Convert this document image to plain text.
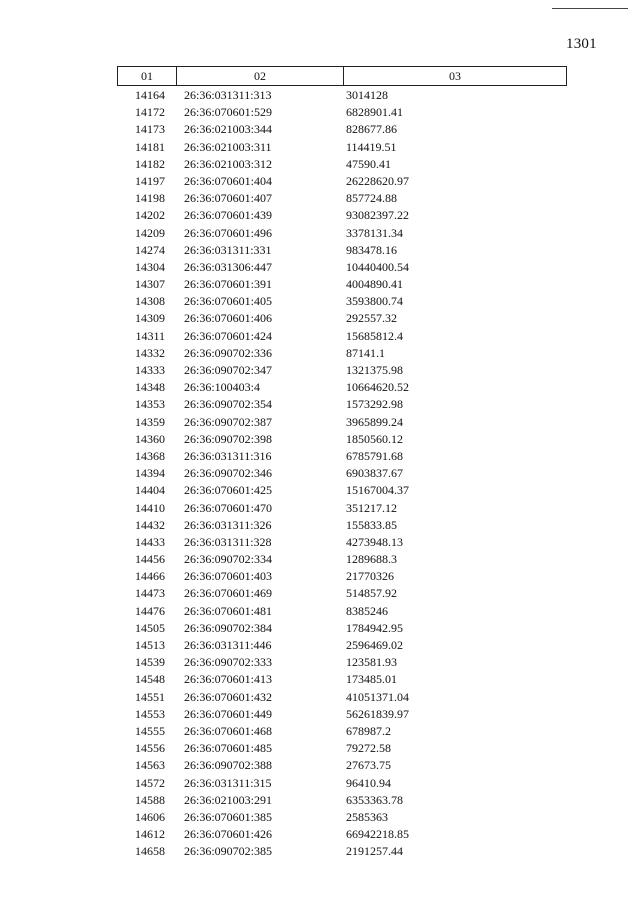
1301
01	02	03
14164	26:36:031311:313	3014128
14172	26:36:070601:529	6828901.41
14173	26:36:021003:344	828677.86
14181	26:36:021003:311	114419.51
14182	26:36:021003:312	47590.41
14197	26:36:070601:404	26228620.97
14198	26:36:070601:407	857724.88
14202	26:36:070601:439	93082397.22
14209	26:36:070601:496	3378131.34
14274	26:36:031311:331	983478.16
14304	26:36:031306:447	10440400.54
14307	26:36:070601:391	4004890.41
14308	26:36:070601:405	3593800.74
14309	26:36:070601:406	292557.32
14311	26:36:070601:424	15685812.4
14332	26:36:090702:336	87141.1
14333	26:36:090702:347	1321375.98
14348	26:36:100403:4	10664620.52
14353	26:36:090702:354	1573292.98
14359	26:36:090702:387	3965899.24
14360	26:36:090702:398	1850560.12
14368	26:36:031311:316	6785791.68
14394	26:36:090702:346	6903837.67
14404	26:36:070601:425	15167004.37
14410	26:36:070601:470	351217.12
14432	26:36:031311:326	155833.85
14433	26:36:031311:328	4273948.13
14456	26:36:090702:334	1289688.3
14466	26:36:070601:403	21770326
14473	26:36:070601:469	514857.92
14476	26:36:070601:481	8385246
14505	26:36:090702:384	1784942.95
14513	26:36:031311:446	2596469.02
14539	26:36:090702:333	123581.93
14548	26:36:070601:413	173485.01
14551	26:36:070601:432	41051371.04
14553	26:36:070601:449	56261839.97
14555	26:36:070601:468	678987.2
14556	26:36:070601:485	79272.58
14563	26:36:090702:388	27673.75
14572	26:36:031311:315	96410.94
14588	26:36:021003:291	6353363.78
14606	26:36:070601:385	2585363
14612	26:36:070601:426	66942218.85
14658	26:36:090702:385	2191257.44
